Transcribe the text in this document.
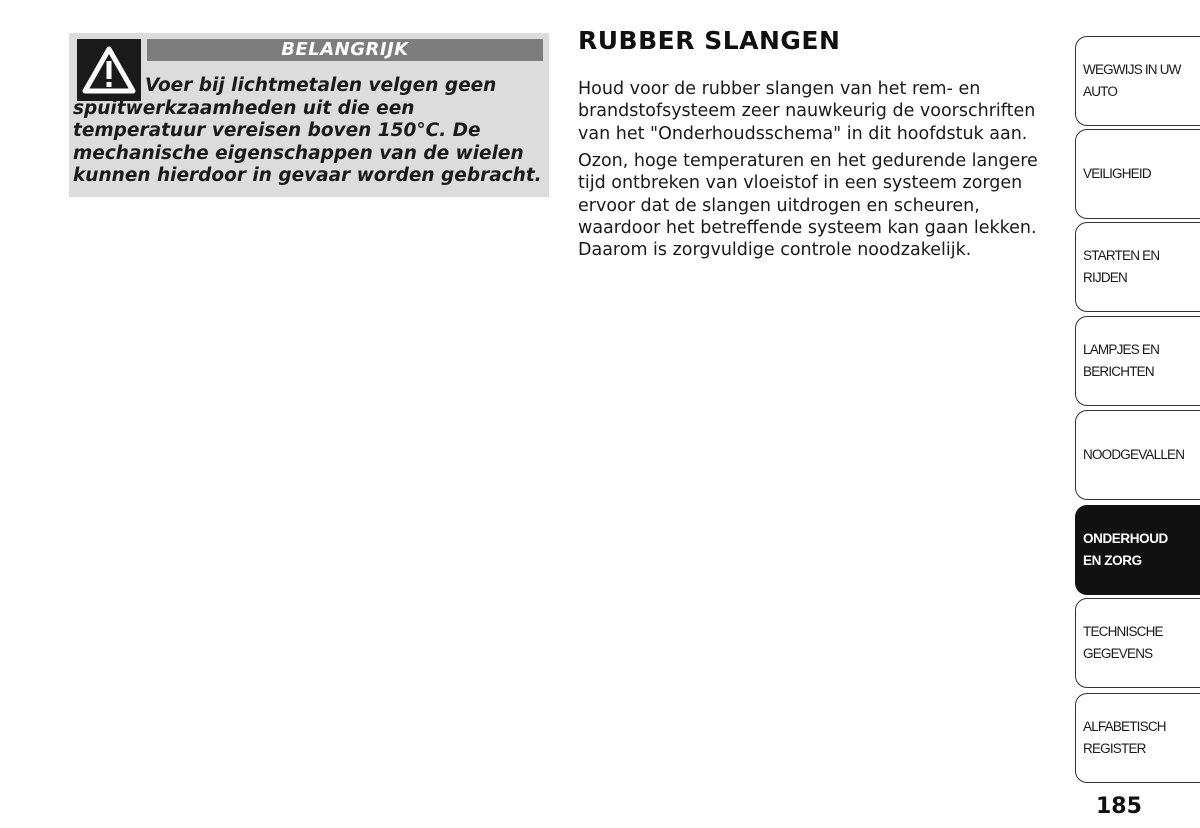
BELANGRIJK

Voer bij lichtmetalen velgen geen spuitwerkzaamheden uit die een temperatuur vereisen boven 150°C. De mechanische eigenschappen van de wielen kunnen hierdoor in gevaar worden gebracht.

RUBBER SLANGEN

Houd voor de rubber slangen van het rem- en brandstofsysteem zeer nauwkeurig de voorschriften van het "Onderhoudsschema" in dit hoofdstuk aan.

Ozon, hoge temperaturen en het gedurende langere tijd ontbreken van vloeistof in een systeem zorgen ervoor dat de slangen uitdrogen en scheuren, waardoor het betreffende systeem kan gaan lekken. Daarom is zorgvuldige controle noodzakelijk.

WEGWIJS IN UW AUTO
VEILIGHEID
STARTEN EN RIJDEN
LAMPJES EN BERICHTEN
NOODGEVALLEN
ONDERHOUD EN ZORG
TECHNISCHE GEGEVENS
ALFABETISCH REGISTER
185
